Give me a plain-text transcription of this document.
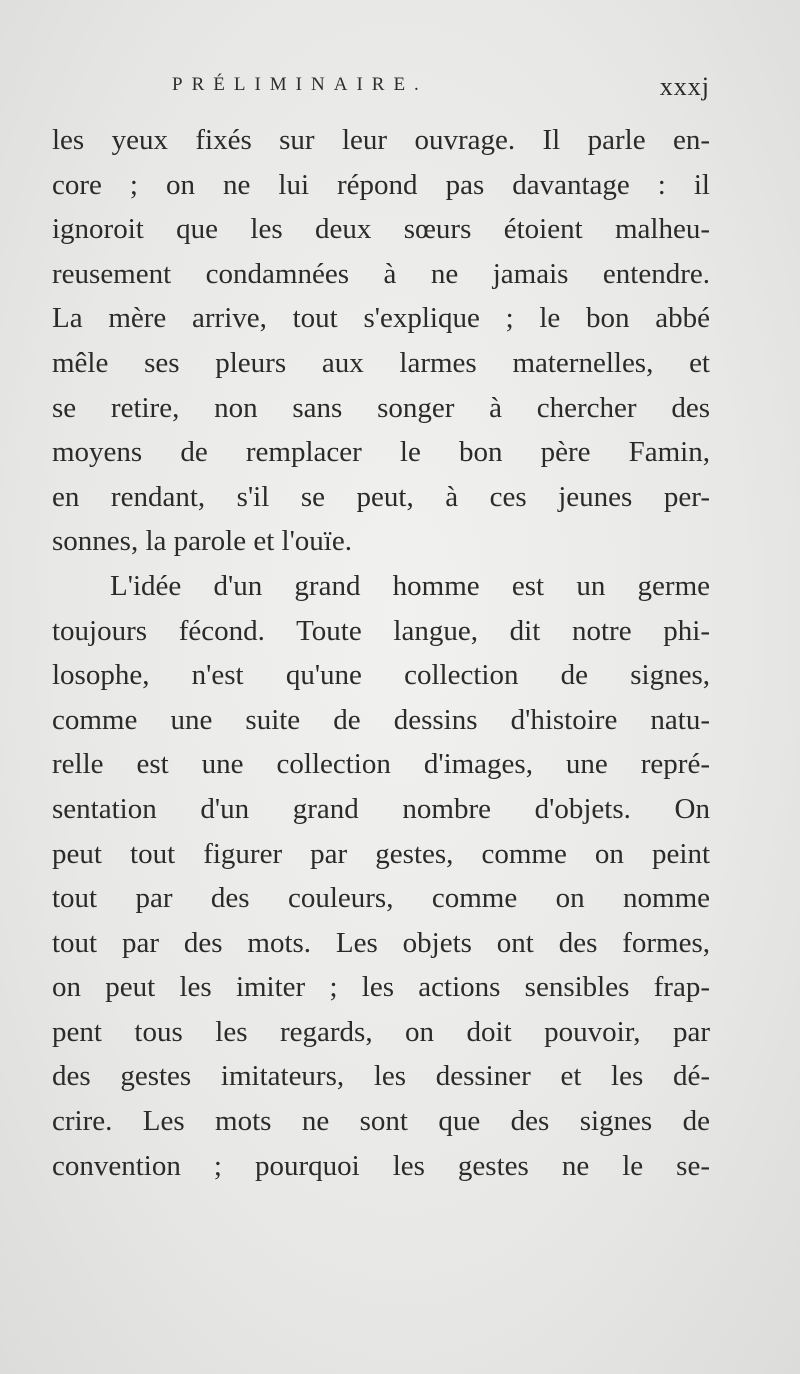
PRÉLIMINAIRE.	xxxj
les yeux fixés sur leur ouvrage. Il parle en-
core ; on ne lui répond pas davantage : il
ignoroit que les deux sœurs étoient malheu-
reusement condamnées à ne jamais entendre.
La mère arrive, tout s'explique ; le bon abbé
mêle ses pleurs aux larmes maternelles, et
se retire, non sans songer à chercher des
moyens de remplacer le bon père Famin,
en rendant, s'il se peut, à ces jeunes per-
sonnes, la parole et l'ouïe.
L'idée d'un grand homme est un germe
toujours fécond. Toute langue, dit notre phi-
losophe, n'est qu'une collection de signes,
comme une suite de dessins d'histoire natu-
relle est une collection d'images, une repré-
sentation d'un grand nombre d'objets. On
peut tout figurer par gestes, comme on peint
tout par des couleurs, comme on nomme
tout par des mots. Les objets ont des formes,
on peut les imiter ; les actions sensibles frap-
pent tous les regards, on doit pouvoir, par
des gestes imitateurs, les dessiner et les dé-
crire. Les mots ne sont que des signes de
convention ; pourquoi les gestes ne le se-
